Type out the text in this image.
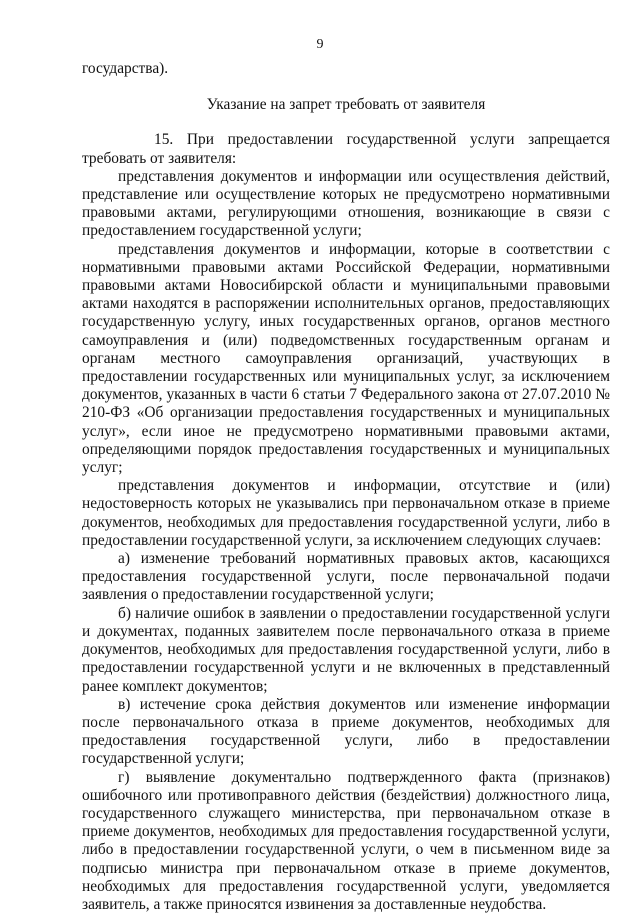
9

государства).

Указание на запрет требовать от заявителя

15. При предоставлении государственной услуги запрещается требовать от заявителя:

представления документов и информации или осуществления действий, представление или осуществление которых не предусмотрено нормативными правовыми актами, регулирующими отношения, возникающие в связи с предоставлением государственной услуги;

представления документов и информации, которые в соответствии с нормативными правовыми актами Российской Федерации, нормативными правовыми актами Новосибирской области и муниципальными правовыми актами находятся в распоряжении исполнительных органов, предоставляющих государственную услугу, иных государственных органов, органов местного самоуправления и (или) подведомственных государственным органам и органам местного самоуправления организаций, участвующих в предоставлении государственных или муниципальных услуг, за исключением документов, указанных в части 6 статьи 7 Федерального закона от 27.07.2010 № 210-ФЗ «Об организации предоставления государственных и муниципальных услуг», если иное не предусмотрено нормативными правовыми актами, определяющими порядок предоставления государственных и муниципальных услуг;

представления документов и информации, отсутствие и (или) недостоверность которых не указывались при первоначальном отказе в приеме документов, необходимых для предоставления государственной услуги, либо в предоставлении государственной услуги, за исключением следующих случаев:

а) изменение требований нормативных правовых актов, касающихся предоставления государственной услуги, после первоначальной подачи заявления о предоставлении государственной услуги;

б) наличие ошибок в заявлении о предоставлении государственной услуги и документах, поданных заявителем после первоначального отказа в приеме документов, необходимых для предоставления государственной услуги, либо в предоставлении государственной услуги и не включенных в представленный ранее комплект документов;

в) истечение срока действия документов или изменение информации после первоначального отказа в приеме документов, необходимых для предоставления государственной услуги, либо в предоставлении государственной услуги;

г) выявление документально подтвержденного факта (признаков) ошибочного или противоправного действия (бездействия) должностного лица, государственного служащего министерства, при первоначальном отказе в приеме документов, необходимых для предоставления государственной услуги, либо в предоставлении государственной услуги, о чем в письменном виде за подписью министра при первоначальном отказе в приеме документов, необходимых для предоставления государственной услуги, уведомляется заявитель, а также приносятся извинения за доставленные неудобства.
